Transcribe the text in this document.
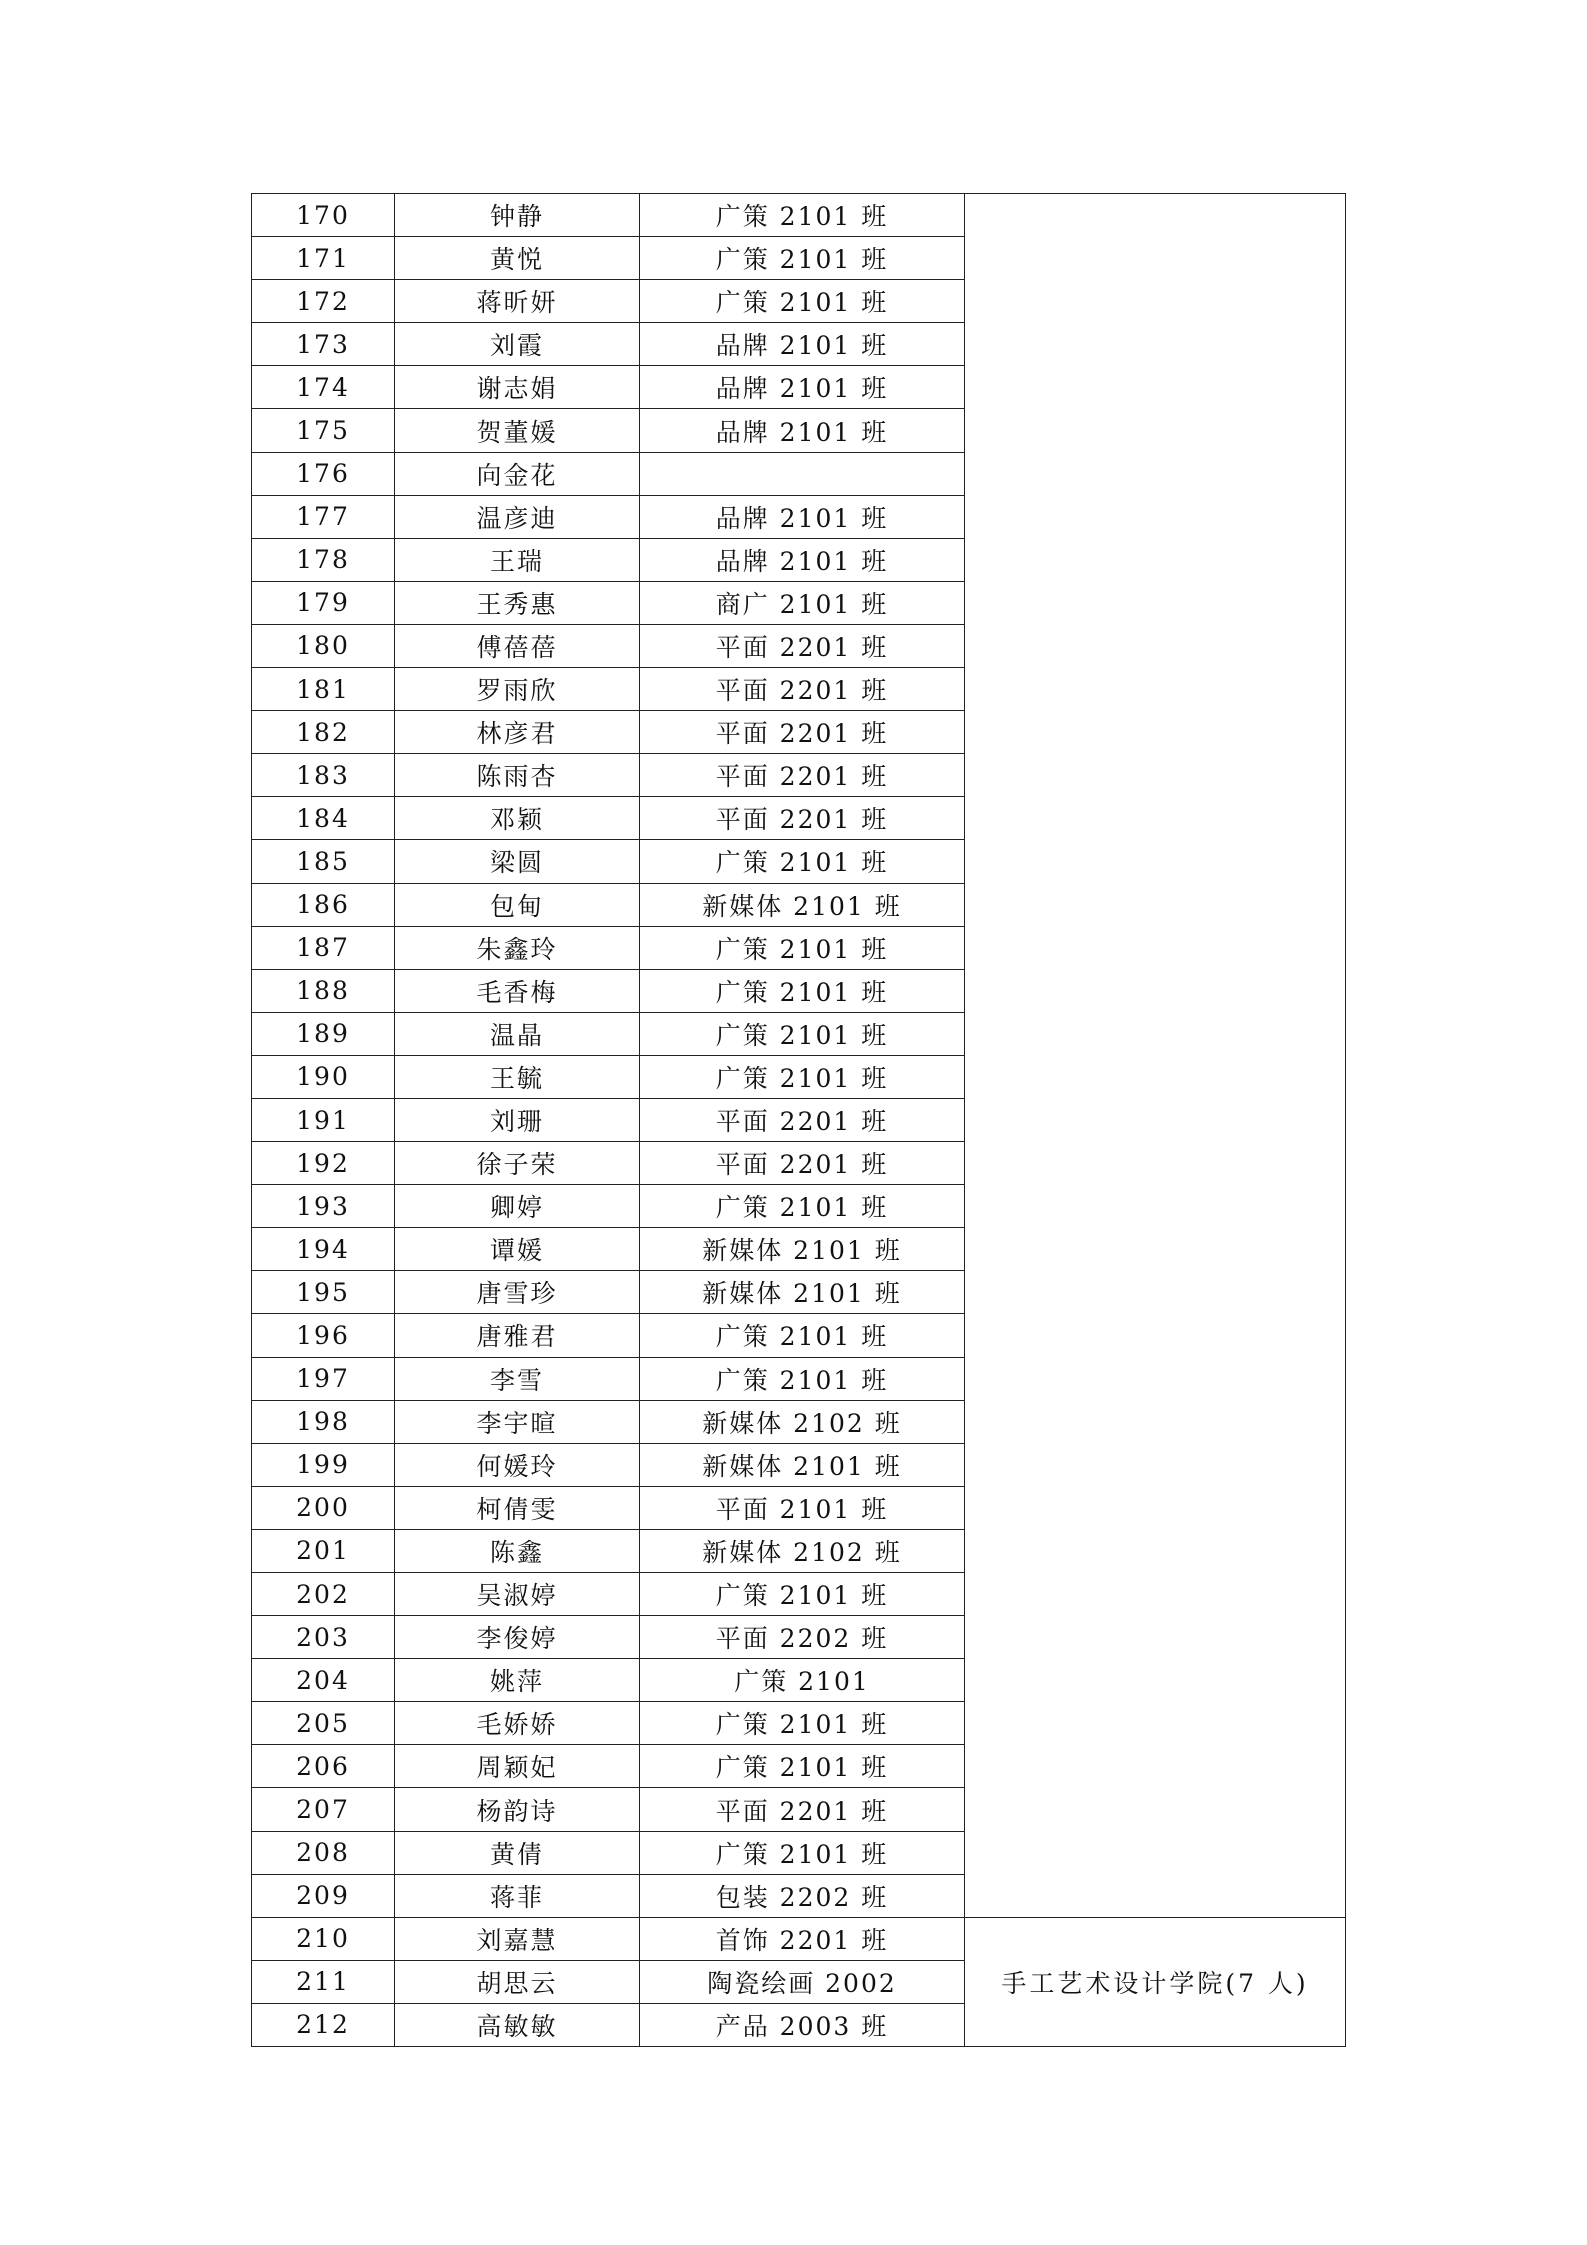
170	钟静	广策 2101 班	
171	黄悦	广策 2101 班	
172	蒋昕妍	广策 2101 班	
173	刘霞	品牌 2101 班	
174	谢志娟	品牌 2101 班	
175	贺董媛	品牌 2101 班	
176	向金花		
177	温彦迪	品牌 2101 班	
178	王瑞	品牌 2101 班	
179	王秀惠	商广 2101 班	
180	傅蓓蓓	平面 2201 班	
181	罗雨欣	平面 2201 班	
182	林彦君	平面 2201 班	
183	陈雨杏	平面 2201 班	
184	邓颖	平面 2201 班	
185	梁圆	广策 2101 班	
186	包甸	新媒体 2101 班	
187	朱鑫玲	广策 2101 班	
188	毛香梅	广策 2101 班	
189	温晶	广策 2101 班	
190	王毓	广策 2101 班	
191	刘珊	平面 2201 班	
192	徐子荣	平面 2201 班	
193	卿婷	广策 2101 班	
194	谭媛	新媒体 2101 班	
195	唐雪珍	新媒体 2101 班	
196	唐雅君	广策 2101 班	
197	李雪	广策 2101 班	
198	李宇暄	新媒体 2102 班	
199	何媛玲	新媒体 2101 班	
200	柯倩雯	平面 2101 班	
201	陈鑫	新媒体 2102 班	
202	吴淑婷	广策 2101 班	
203	李俊婷	平面 2202 班	
204	姚萍	广策 2101	
205	毛娇娇	广策 2101 班	
206	周颖妃	广策 2101 班	
207	杨韵诗	平面 2201 班	
208	黄倩	广策 2101 班	
209	蒋菲	包装 2202 班	
210	刘嘉慧	首饰 2201 班	手工艺术设计学院(7 人)
211	胡思云	陶瓷绘画 2002	
212	高敏敏	产品 2003 班	
